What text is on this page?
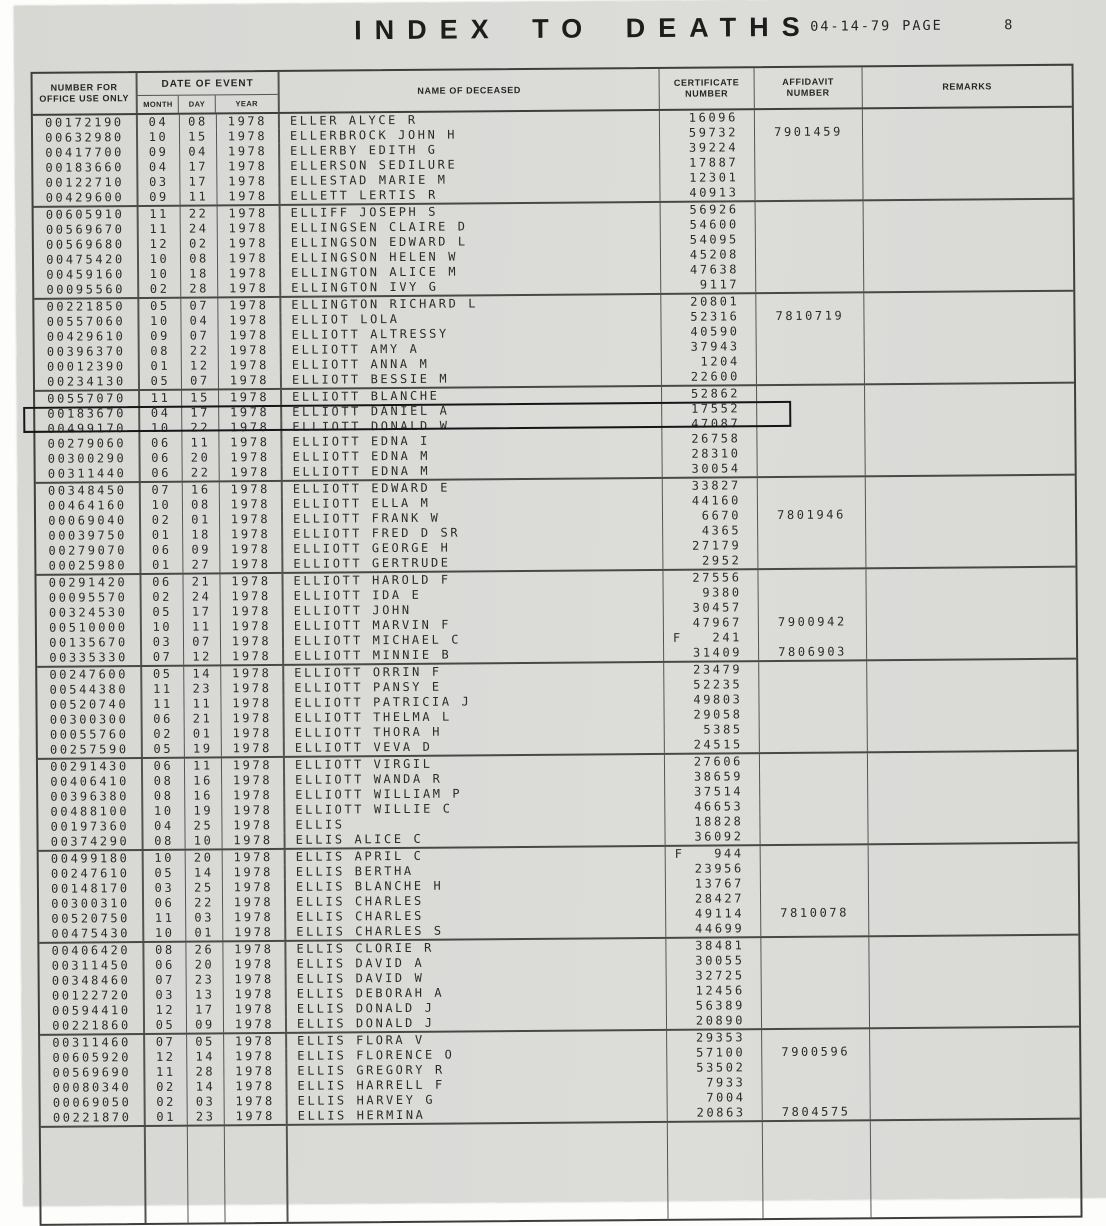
INDEX TO DEATHS
04-14-79 PAGE	8
NUMBER FOR
OFFICE USE ONLY
DATE OF EVENT
MONTH	DAY	YEAR
NAME OF DECEASED
CERTIFICATE
NUMBER
AFFIDAVIT
NUMBER
REMARKS
00172190	04	08	1978	ELLER ALYCE R	16096
00632980	10	15	1978	ELLERBROCK JOHN H	59732	7901459
00417700	09	04	1978	ELLERBY EDITH G	39224
00183660	04	17	1978	ELLERSON SEDILURE	17887
00122710	03	17	1978	ELLESTAD MARIE M	12301
00429600	09	11	1978	ELLETT LERTIS R	40913
00605910	11	22	1978	ELLIFF JOSEPH S	56926
00569670	11	24	1978	ELLINGSEN CLAIRE D	54600
00569680	12	02	1978	ELLINGSON EDWARD L	54095
00475420	10	08	1978	ELLINGSON HELEN W	45208
00459160	10	18	1978	ELLINGTON ALICE M	47638
00095560	02	28	1978	ELLINGTON IVY G	9117
00221850	05	07	1978	ELLINGTON RICHARD L	20801
00557060	10	04	1978	ELLIOT LOLA	52316	7810719
00429610	09	07	1978	ELLIOTT ALTRESSY	40590
00396370	08	22	1978	ELLIOTT AMY A	37943
00012390	01	12	1978	ELLIOTT ANNA M	1204
00234130	05	07	1978	ELLIOTT BESSIE M	22600
00557070	11	15	1978	ELLIOTT BLANCHE	52862
00183670	04	17	1978	ELLIOTT DANIEL A	17552
00499170	10	22	1978	ELLIOTT DONALD W	47087
00279060	06	11	1978	ELLIOTT EDNA I	26758
00300290	06	20	1978	ELLIOTT EDNA M	28310
00311440	06	22	1978	ELLIOTT EDNA M	30054
00348450	07	16	1978	ELLIOTT EDWARD E	33827
00464160	10	08	1978	ELLIOTT ELLA M	44160
00069040	02	01	1978	ELLIOTT FRANK W	6670	7801946
00039750	01	18	1978	ELLIOTT FRED D SR	4365
00279070	06	09	1978	ELLIOTT GEORGE H	27179
00025980	01	27	1978	ELLIOTT GERTRUDE	2952
00291420	06	21	1978	ELLIOTT HAROLD F	27556
00095570	02	24	1978	ELLIOTT IDA E	9380
00324530	05	17	1978	ELLIOTT JOHN	30457
00510000	10	11	1978	ELLIOTT MARVIN F	47967	7900942
00135670	03	07	1978	ELLIOTT MICHAEL C	F 241
00335330	07	12	1978	ELLIOTT MINNIE B	31409	7806903
00247600	05	14	1978	ELLIOTT ORRIN F	23479
00544380	11	23	1978	ELLIOTT PANSY E	52235
00520740	11	11	1978	ELLIOTT PATRICIA J	49803
00300300	06	21	1978	ELLIOTT THELMA L	29058
00055760	02	01	1978	ELLIOTT THORA H	5385
00257590	05	19	1978	ELLIOTT VEVA D	24515
00291430	06	11	1978	ELLIOTT VIRGIL	27606
00406410	08	16	1978	ELLIOTT WANDA R	38659
00396380	08	16	1978	ELLIOTT WILLIAM P	37514
00488100	10	19	1978	ELLIOTT WILLIE C	46653
00197360	04	25	1978	ELLIS	18828
00374290	08	10	1978	ELLIS ALICE C	36092
00499180	10	20	1978	ELLIS APRIL C	F 944
00247610	05	14	1978	ELLIS BERTHA	23956
00148170	03	25	1978	ELLIS BLANCHE H	13767
00300310	06	22	1978	ELLIS CHARLES	28427
00520750	11	03	1978	ELLIS CHARLES	49114	7810078
00475430	10	01	1978	ELLIS CHARLES S	44699
00406420	08	26	1978	ELLIS CLORIE R	38481
00311450	06	20	1978	ELLIS DAVID A	30055
00348460	07	23	1978	ELLIS DAVID W	32725
00122720	03	13	1978	ELLIS DEBORAH A	12456
00594410	12	17	1978	ELLIS DONALD J	56389
00221860	05	09	1978	ELLIS DONALD J	20890
00311460	07	05	1978	ELLIS FLORA V	29353
00605920	12	14	1978	ELLIS FLORENCE O	57100	7900596
00569690	11	28	1978	ELLIS GREGORY R	53502
00080340	02	14	1978	ELLIS HARRELL F	7933
00069050	02	03	1978	ELLIS HARVEY G	7004
00221870	01	23	1978	ELLIS HERMINA	20863	7804575
